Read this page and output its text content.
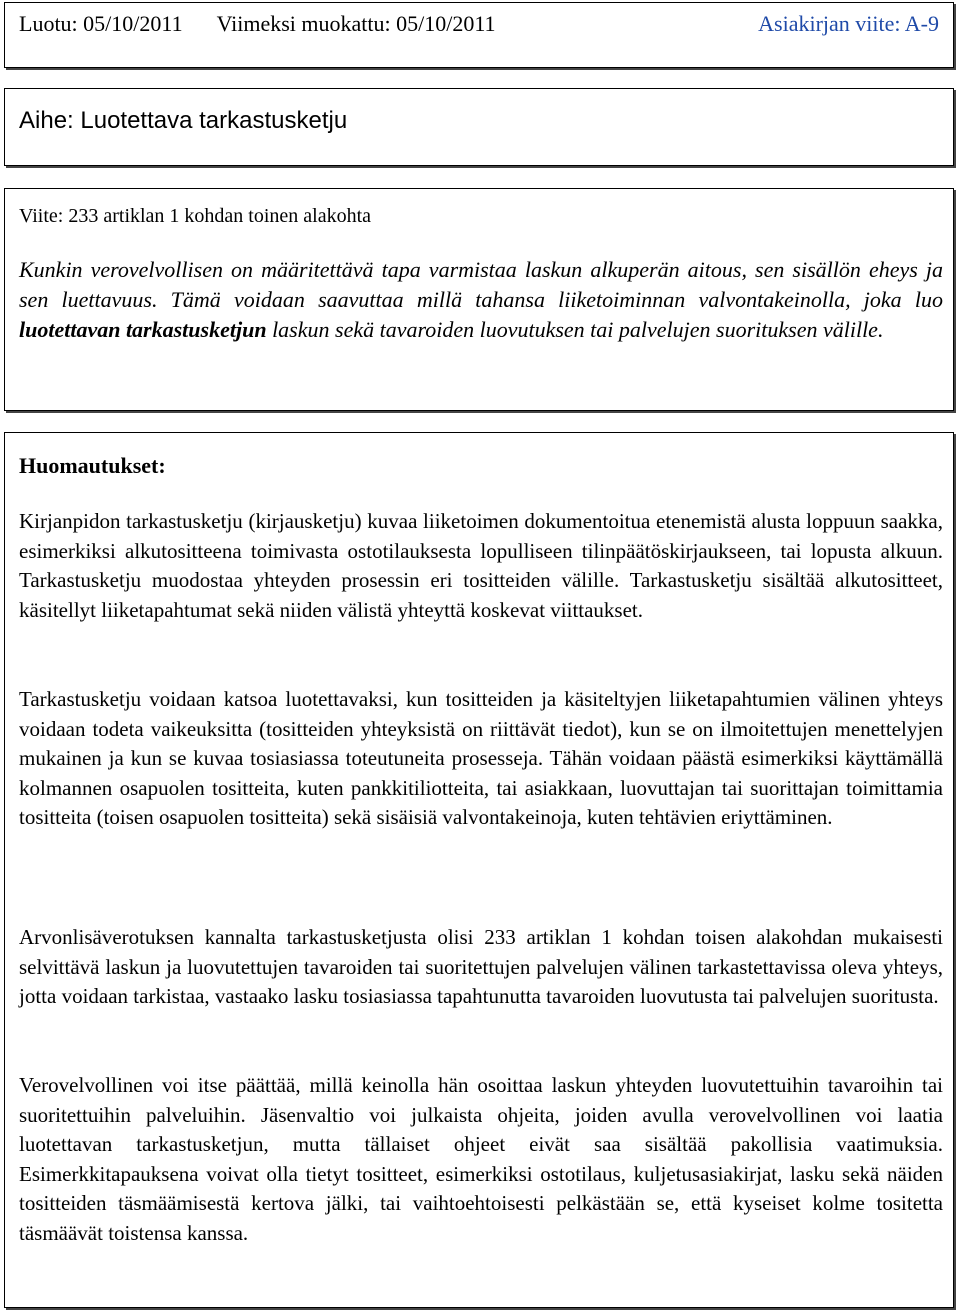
Luotu: 05/10/2011 Viimeksi muokattu: 05/10/2011	Asiakirjan viite: A-9
Aihe: Luotettava tarkastusketju
Viite: 233 artiklan 1 kohdan toinen alakohta
Kunkin verovelvollisen on määritettävä tapa varmistaa laskun alkuperän aitous, sen sisällön eheys ja sen luettavuus. Tämä voidaan saavuttaa millä tahansa liiketoiminnan valvontakeinolla, joka luo luotettavan tarkastusketjun laskun sekä tavaroiden luovutuksen tai palvelujen suorituksen välille.
Huomautukset:
Kirjanpidon tarkastusketju (kirjausketju) kuvaa liiketoimen dokumentoitua etenemistä alusta loppuun saakka, esimerkiksi alkutositteena toimivasta ostotilauksesta lopulliseen tilinpäätöskirjaukseen, tai lopusta alkuun. Tarkastusketju muodostaa yhteyden prosessin eri tositteiden välille. Tarkastusketju sisältää alkutositteet, käsitellyt liiketapahtumat sekä niiden välistä yhteyttä koskevat viittaukset.
Tarkastusketju voidaan katsoa luotettavaksi, kun tositteiden ja käsiteltyjen liiketapahtumien välinen yhteys voidaan todeta vaikeuksitta (tositteiden yhteyksistä on riittävät tiedot), kun se on ilmoitettujen menettelyjen mukainen ja kun se kuvaa tosiasiassa toteutuneita prosesseja. Tähän voidaan päästä esimerkiksi käyttämällä kolmannen osapuolen tositteita, kuten pankkitiliotteita, tai asiakkaan, luovuttajan tai suorittajan toimittamia tositteita (toisen osapuolen tositteita) sekä sisäisiä valvontakeinoja, kuten tehtävien eriyttäminen.
Arvonlisäverotuksen kannalta tarkastusketjusta olisi 233 artiklan 1 kohdan toisen alakohdan mukaisesti selvittävä laskun ja luovutettujen tavaroiden tai suoritettujen palvelujen välinen tarkastettavissa oleva yhteys, jotta voidaan tarkistaa, vastaako lasku tosiasiassa tapahtunutta tavaroiden luovutusta tai palvelujen suoritusta.
Verovelvollinen voi itse päättää, millä keinolla hän osoittaa laskun yhteyden luovutettuihin tavaroihin tai suoritettuihin palveluihin. Jäsenvaltio voi julkaista ohjeita, joiden avulla verovelvollinen voi laatia luotettavan tarkastusketjun, mutta tällaiset ohjeet eivät saa sisältää pakollisia vaatimuksia. Esimerkkitapauksena voivat olla tietyt tositteet, esimerkiksi ostotilaus, kuljetusasiakirjat, lasku sekä näiden tositteiden täsmäämisestä kertova jälki, tai vaihtoehtoisesti pelkästään se, että kyseiset kolme tositetta täsmäävät toistensa kanssa.
